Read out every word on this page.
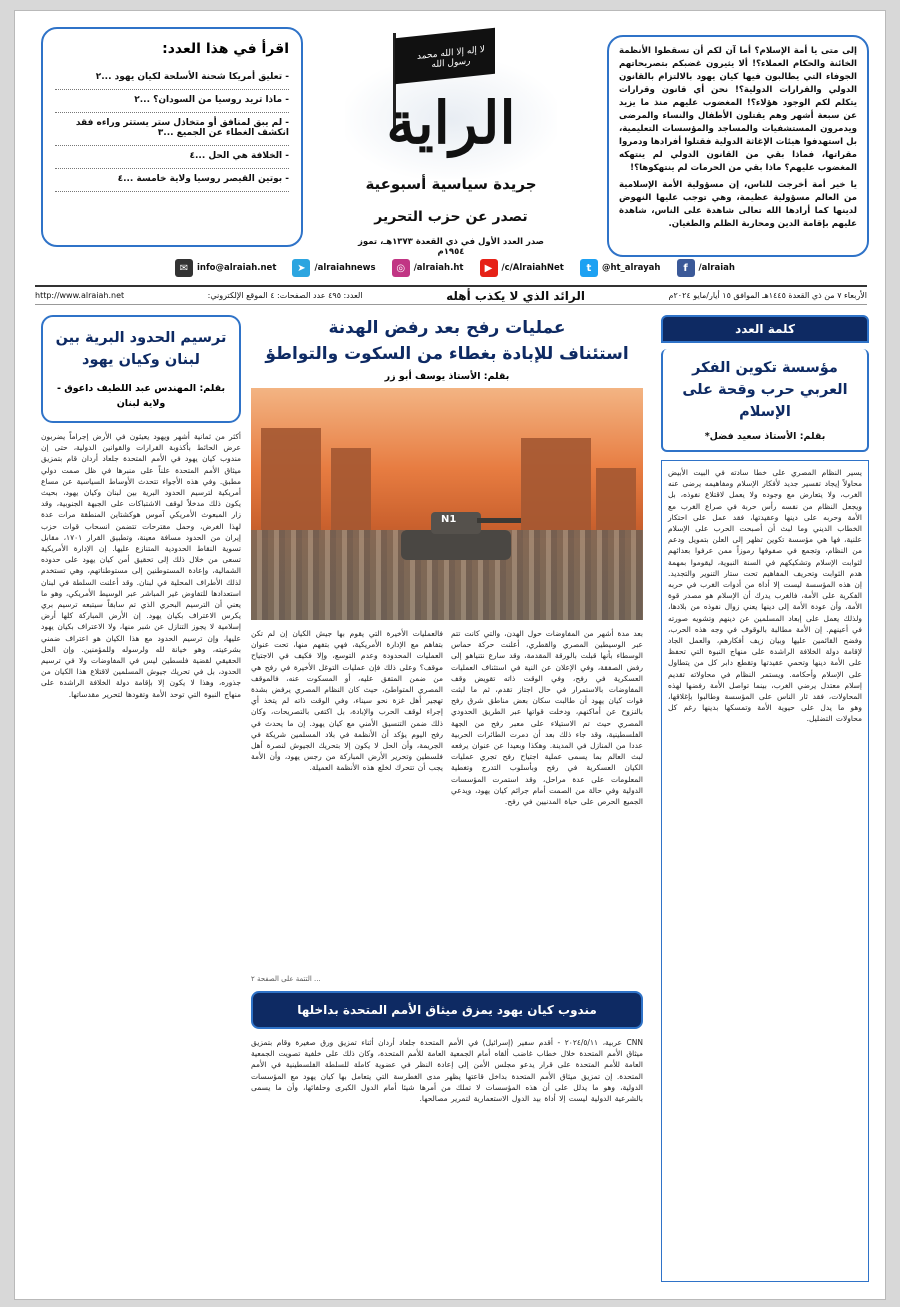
إلى متى يا أمة الإسلام؟ أما آن لكم أن تسقطوا الأنظمة الخائنة والحكام العملاء؟! ألا يثيرون غضبكم بتصريحاتهم الجوفاء التي يطالبون فيها كيان يهود بالالتزام بالقانون الدولي والقرارات الدولية؟! نحن أي قانون وقرارات يتكلم لكم الوجود هؤلاء؟! المغضوب عليهم منذ ما يزيد عن سبعة أشهر وهم يقتلون الأطفال والنساء والمرضى ويدمرون المستشفيات والمساجد والمؤسسات التعليمية، بل استهدفوا هيئات الإغاثة الدولية فقتلوا أفرادها ودمروا مقراتها، فماذا بقي من القانون الدولي لم ينتهكه المغضوب عليهم؟ ماذا بقي من الحرمات لم ينتهكوها؟!

يا خير أمة أخرجت للناس، إن مسؤولية الأمة الإسلامية من العالم مسؤولية عظيمة، وهي توجب عليها النهوض لدينها كما أرادها الله تعالى شاهدة على الناس، شاهدة عليهم بإقامة الدين ومحاربة الظلم والطغيان.

لا إله إلا الله محمد رسول الله
الراية
جريدة سياسية أسبوعية
تصدر عن حزب التحرير
صدر العدد الأول في ذي القعدة ١٣٧٣هـ، تموز ١٩٥٤م
اقرأ في هذا العدد:
- تعليق أمريكا شحنة الأسلحة لكيان يهود ...٢
- ماذا تريد روسيا من السودان؟ ...٢
- لم يبق لمنافق أو متخاذل ستر يستتر وراءه فقد انكشف الغطاء عن الجميع ...٣
- الخلافة هي الحل ...٤
- بوتين القيصر روسيا ولاية خامسة ...٤
f	/alraiah
t	@ht_alrayah
▶	/c/AlraiahNet
◎	/alraiah.ht
➤	/alraiahnews
✉	info@alraiah.net
http://www.alraiah.net	العدد: ٤٩٥ عدد الصفحات: ٤ الموقع الإلكتروني:	الرائد الذي لا يكذب أهله	الأربعاء ٧ من ذي القعدة ١٤٤٥هـ الموافق ١٥ أيار/مايو ٢٠٢٤م
كلمة العدد
مؤسسة تكوين الفكر العربي حرب وقحة على الإسلام
بقلم: الأستاذ سعيد فضل*
يسير النظام المصري على خطا سادته في البيت الأبيض محاولاً إيجاد تفسير جديد لأفكار الإسلام ومفاهيمه يرضى عنه الغرب، ولا يتعارض مع وجوده ولا يعمل لاقتلاع نفوذه، بل ويجعل النظام من نفسه رأس حربة في صراع الغرب مع الأمة وحربه على دينها وعقيدتها، فقد عمل على احتكار الخطاب الديني وما لبث أن أصبحت الحرب على الإسلام علنية، فها هي مؤسسة تكوين تظهر إلى العلن بتمويل ودعم من النظام، وتجمع في صفوفها رموزاً ممن عرفوا بعدائهم لثوابت الإسلام وتشكيكهم في السنة النبوية، ليقوموا بمهمة هدم الثوابت وتحريف المفاهيم تحت ستار التنوير والتجديد. إن هذه المؤسسة ليست إلا أداة من أدوات الغرب في حربه الفكرية على الأمة، فالغرب يدرك أن الإسلام هو مصدر قوة الأمة، وأن عودة الأمة إلى دينها يعني زوال نفوذه من بلادها، ولذلك يعمل على إبعاد المسلمين عن دينهم وتشويه صورته في أعينهم. إن الأمة مطالبة بالوقوف في وجه هذه الحرب، وفضح القائمين عليها وبيان زيف أفكارهم، والعمل الجاد لإقامة دولة الخلافة الراشدة على منهاج النبوة التي تحفظ على الأمة دينها وتحمي عقيدتها وتقطع دابر كل من يتطاول على الإسلام وأحكامه. ويستمر النظام في محاولاته تقديم إسلام معتدل يرضي الغرب، بينما تواصل الأمة رفضها لهذه المحاولات، فقد ثار الناس على المؤسسة وطالبوا بإغلاقها، وهو ما يدل على حيوية الأمة وتمسكها بدينها رغم كل محاولات التضليل.
عمليات رفح بعد رفض الهدنة
استئناف للإبادة بغطاء من السكوت والتواطؤ
بقلم: الأستاذ يوسف أبو زر
N1
بعد مدة أشهر من المفاوضات حول الهدن، والتي كانت تتم عبر الوسيطين المصري والقطري، أعلنت حركة حماس الوسطاء بأنها قبلت بالورقة المقدمة، وقد سارع نتنياهو إلى رفض الصفقة، وفي الإعلان عن النية في استئناف العمليات العسكرية في رفح، وفي الوقت ذاته تقويض وقف المفاوضات بالاستمرار في حال اجتاز تقدم، ثم ما لبثت قوات كيان يهود أن طالبت سكان بعض مناطق شرق رفح بالنزوح عن أماكنهم، ودخلت قواتها عبر الطريق الحدودي المصري حيث تم الاستيلاء على معبر رفح من الجهة الفلسطينية، وقد جاء ذلك بعد أن دمرت الطائرات الحربية عددا من المنازل في المدينة. وهكذا وبعيدا عن عنوان يرفعه لبث العالم بما يسمى عملية اجتياح رفح تجري عمليات الكيان العسكرية في رفح وبأسلوب التدرج وتغطية المعلومات على عدة مراحل، وقد استمرت المؤسسات الدولية وفي حالة من الصمت أمام جرائم كيان يهود، ويدعي الجميع الحرص على حياة المدنيين في رفح.
فالعمليات الأخيرة التي يقوم بها جيش الكيان إن لم تكن بتفاهم مع الإدارة الأمريكية، فهي بتفهم منها، تحت عنوان العمليات المحدودة وعدم التوسع، وإلا فكيف في الاجتياح موقف؟ وعلى ذلك فإن عمليات التوغل الأخيرة في رفح هي من ضمن المتفق عليه، أو المسكوت عنه، فالموقف المصري المتواطئ، حيث كان النظام المصري يرفض بشدة تهجير أهل غزة نحو سيناء، وفي الوقت ذاته لم يتخذ أي إجراء لوقف الحرب والإبادة، بل اكتفى بالتصريحات، وكان ذلك ضمن التنسيق الأمني مع كيان يهود. إن ما يحدث في رفح اليوم يؤكد أن الأنظمة في بلاد المسلمين شريكة في الجريمة، وأن الحل لا يكون إلا بتحريك الجيوش لنصرة أهل فلسطين وتحرير الأرض المباركة من رجس يهود، وأن الأمة يجب أن تتحرك لخلع هذه الأنظمة العميلة.
... التتمة على الصفحة ٢
مندوب كيان يهود يمزق ميثاق الأمم المتحدة بداخلها
CNN عربية، ٢٠٢٤/٥/١١ - أقدم سفير (إسرائيل) في الأمم المتحدة جلعاد أردان أثناء تمزيق ورق صغيرة وقام بتمزيق ميثاق الأمم المتحدة خلال خطاب غاضب ألقاه أمام الجمعية العامة للأمم المتحدة، وكان ذلك على خلفية تصويت الجمعية العامة للأمم المتحدة على قرار يدعو مجلس الأمن إلى إعادة النظر في عضوية كاملة للسلطة الفلسطينية في الأمم المتحدة. إن تمزيق ميثاق الأمم المتحدة بداخل قاعتها يظهر مدى الغطرسة التي يتعامل بها كيان يهود مع المؤسسات الدولية، وهو ما يدلل على أن هذه المؤسسات لا تملك من أمرها شيئا أمام الدول الكبرى وحلفائها، وأن ما يسمى بالشرعية الدولية ليست إلا أداة بيد الدول الاستعمارية لتمرير مصالحها.
ترسيم الحدود البرية بين لبنان وكيان يهود
بقلم: المهندس عبد اللطيف داعوق - ولاية لبنان
أكثر من ثمانية أشهر ويهود يعيثون في الأرض إجراماً يضربون عرض الحائط بأكذوبة القرارات والقوانين الدولية، حتى إن مندوب كيان يهود في الأمم المتحدة جلعاد أردان قام بتمزيق ميثاق الأمم المتحدة علناً على منبرها في ظل صمت دولي مطبق. وفي هذه الأجواء تتحدث الأوساط السياسية عن مساع أمريكية لترسيم الحدود البرية بين لبنان وكيان يهود، بحيث يكون ذلك مدخلاً لوقف الاشتباكات على الجبهة الجنوبية، وقد زار المبعوث الأمريكي آموس هوكشتاين المنطقة مرات عدة لهذا الغرض، وحمل مقترحات تتضمن انسحاب قوات حزب إيران من الحدود مسافة معينة، وتطبيق القرار ١٧٠١، مقابل تسوية النقاط الحدودية المتنازع عليها. إن الإدارة الأمريكية تسعى من خلال ذلك إلى تحقيق أمن كيان يهود على حدوده الشمالية، وإعادة المستوطنين إلى مستوطناتهم، وهي تستخدم لذلك الأطراف المحلية في لبنان. وقد أعلنت السلطة في لبنان استعدادها للتفاوض غير المباشر عبر الوسيط الأمريكي، وهو ما يعني أن الترسيم البحري الذي تم سابقاً سيتبعه ترسيم بري يكرس الاعتراف بكيان يهود. إن الأرض المباركة كلها أرض إسلامية لا يجوز التنازل عن شبر منها، ولا الاعتراف بكيان يهود عليها، وإن ترسيم الحدود مع هذا الكيان هو اعتراف ضمني بشرعيته، وهو خيانة لله ولرسوله وللمؤمنين. وإن الحل الحقيقي لقضية فلسطين ليس في المفاوضات ولا في ترسيم الحدود، بل في تحريك جيوش المسلمين لاقتلاع هذا الكيان من جذوره، وهذا لا يكون إلا بإقامة دولة الخلافة الراشدة على منهاج النبوة التي توحد الأمة وتقودها لتحرير مقدساتها.
